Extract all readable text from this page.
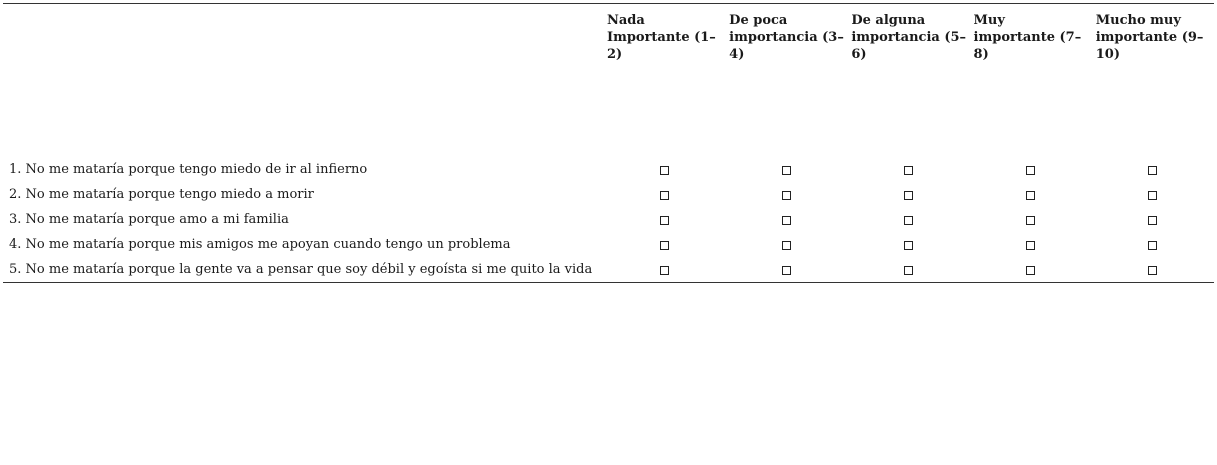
	Nada Importante (1–2)	De poca importancia (3–4)	De alguna importancia (5–6)	Muy importante (7–8)	Mucho muy importante (9–10)
1. No me mataría porque tengo miedo de ir al infierno					
2. No me mataría porque tengo miedo a morir					
3. No me mataría porque amo a mi familia					
4. No me mataría porque mis amigos me apoyan cuando tengo un problema					
5. No me mataría porque la gente va a pensar que soy débil y egoísta si me quito la vida					
